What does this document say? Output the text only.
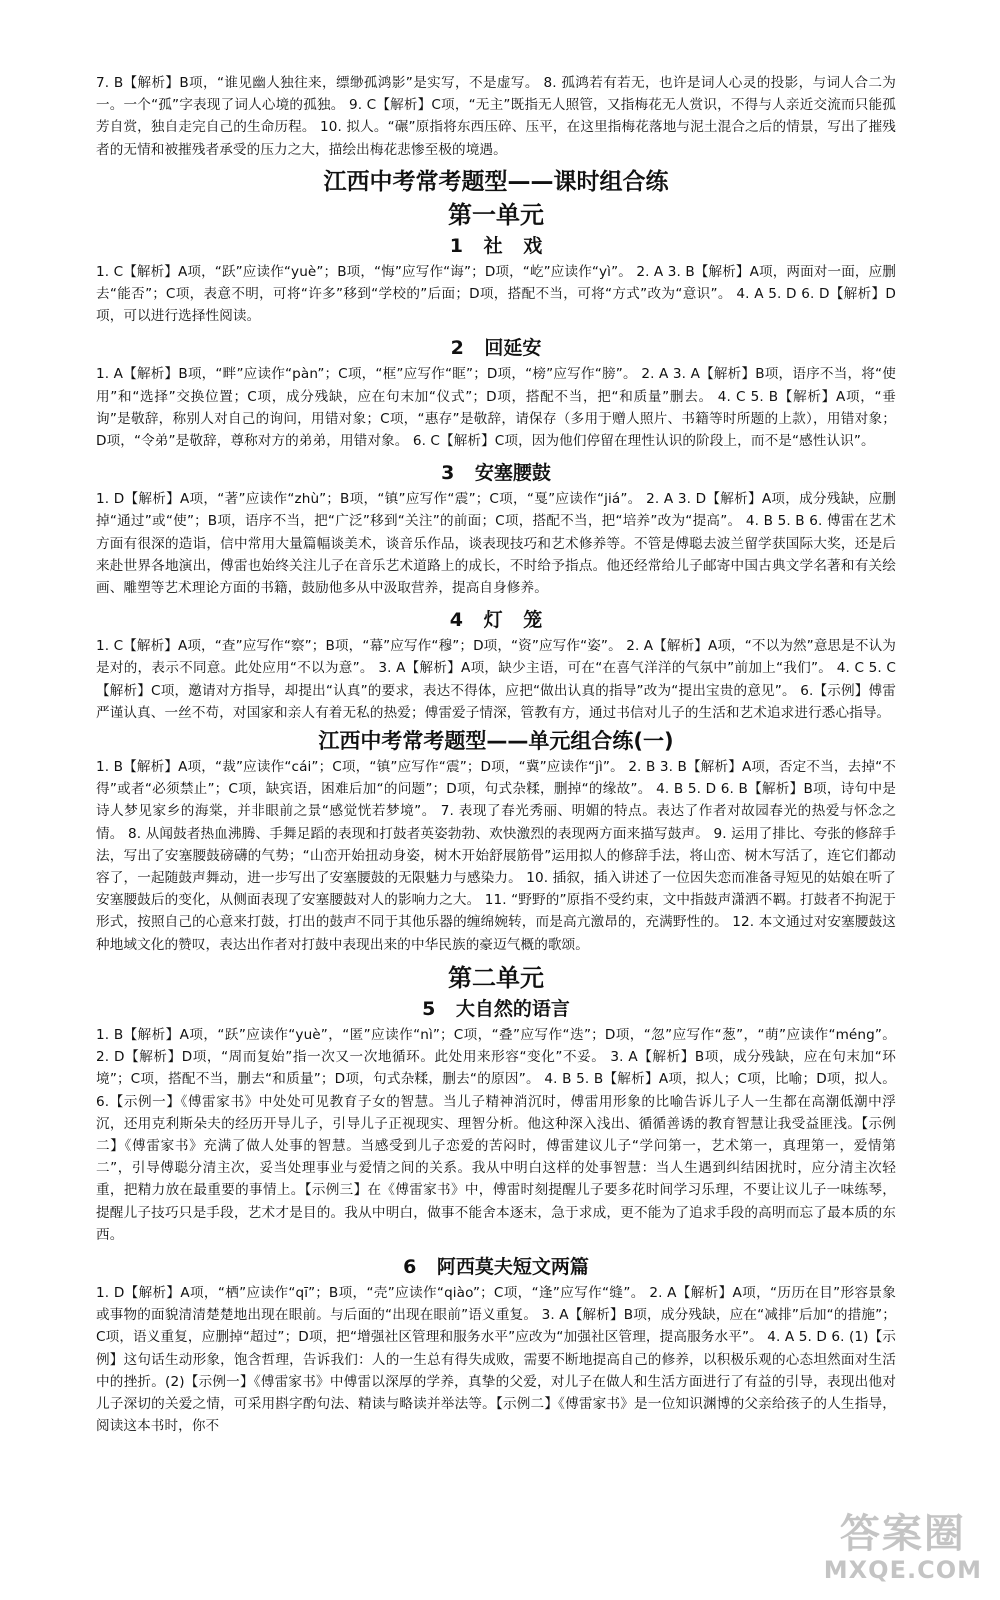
7. B【解析】B项，“谁见幽人独往来，缥缈孤鸿影”是实写，不是虚写。 8. 孤鸿若有若无，也许是词人心灵的投影，与词人合二为一。一个“孤”字表现了词人心境的孤独。 9. C【解析】C项，“无主”既指无人照管，又指梅花无人赏识，不得与人亲近交流而只能孤芳自赏，独自走完自己的生命历程。 10. 拟人。“碾”原指将东西压碎、压平，在这里指梅花落地与泥土混合之后的情景，写出了摧残者的无情和被摧残者承受的压力之大，描绘出梅花悲惨至极的境遇。

江西中考常考题型——课时组合练
第一单元
1 社 戏

1. C【解析】A项，“跃”应读作“yuè”；B项，“悔”应写作“诲”；D项，“屹”应读作“yì”。 2. A 3. B【解析】A项，两面对一面，应删去“能否”；C项，表意不明，可将“许多”移到“学校的”后面；D项，搭配不当，可将“方式”改为“意识”。 4. A 5. D 6. D【解析】D项，可以进行选择性阅读。

2 回延安

1. A【解析】B项，“畔”应读作“pàn”；C项，“框”应写作“眶”；D项，“榜”应写作“膀”。 2. A 3. A【解析】B项，语序不当，将“使用”和“选择”交换位置；C项，成分残缺，应在句末加“仪式”；D项，搭配不当，把“和质量”删去。 4. C 5. B【解析】A项，“垂询”是敬辞，称别人对自己的询问，用错对象；C项，“惠存”是敬辞，请保存（多用于赠人照片、书籍等时所题的上款），用错对象；D项，“令弟”是敬辞，尊称对方的弟弟，用错对象。 6. C【解析】C项，因为他们停留在理性认识的阶段上，而不是“感性认识”。

3 安塞腰鼓

1. D【解析】A项，“著”应读作“zhù”；B项，“镇”应写作“震”；C项，“戛”应读作“jiá”。 2. A 3. D【解析】A项，成分残缺，应删掉“通过”或“使”；B项，语序不当，把“广泛”移到“关注”的前面；C项，搭配不当，把“培养”改为“提高”。 4. B 5. B 6. 傅雷在艺术方面有很深的造诣，信中常用大量篇幅谈美术，谈音乐作品，谈表现技巧和艺术修养等。不管是傅聪去波兰留学获国际大奖，还是后来赴世界各地演出，傅雷也始终关注儿子在音乐艺术道路上的成长，不时给予指点。他还经常给儿子邮寄中国古典文学名著和有关绘画、雕塑等艺术理论方面的书籍，鼓励他多从中汲取营养，提高自身修养。

4 灯 笼

1. C【解析】A项，“查”应写作“察”；B项，“幕”应写作“穆”；D项，“资”应写作“姿”。 2. A【解析】A项，“不以为然”意思是不认为是对的，表示不同意。此处应用“不以为意”。 3. A【解析】A项，缺少主语，可在“在喜气洋洋的气氛中”前加上“我们”。 4. C 5. C【解析】C项，邀请对方指导，却提出“认真”的要求，表达不得体，应把“做出认真的指导”改为“提出宝贵的意见”。 6.【示例】傅雷严谨认真、一丝不苟，对国家和亲人有着无私的热爱；傅雷爱子情深，管教有方，通过书信对儿子的生活和艺术追求进行悉心指导。

江西中考常考题型——单元组合练(一)

1. B【解析】A项，“裁”应读作“cái”；C项，“镇”应写作“震”；D项，“冀”应读作“jì”。 2. B 3. B【解析】A项，否定不当，去掉“不得”或者“必须禁止”；C项，缺宾语，困难后加“的问题”；D项，句式杂糅，删掉“的缘故”。 4. B 5. D 6. B【解析】B项，诗句中是诗人梦见家乡的海棠，并非眼前之景“感觉恍若梦境”。 7. 表现了春光秀丽、明媚的特点。表达了作者对故园春光的热爱与怀念之情。 8. 从闻鼓者热血沸腾、手舞足蹈的表现和打鼓者英姿勃勃、欢快激烈的表现两方面来描写鼓声。 9. 运用了排比、夸张的修辞手法，写出了安塞腰鼓磅礴的气势；“山峦开始扭动身姿，树木开始舒展筋骨”运用拟人的修辞手法，将山峦、树木写活了，连它们都动容了，一起随鼓声舞动，进一步写出了安塞腰鼓的无限魅力与感染力。 10. 插叙，插入讲述了一位因失恋而准备寻短见的姑娘在听了安塞腰鼓后的变化，从侧面表现了安塞腰鼓对人的影响力之大。 11. “野野的”原指不受约束，文中指鼓声潇洒不羁。打鼓者不拘泥于形式，按照自己的心意来打鼓，打出的鼓声不同于其他乐器的缠绵婉转，而是高亢激昂的，充满野性的。 12. 本文通过对安塞腰鼓这种地域文化的赞叹，表达出作者对打鼓中表现出来的中华民族的豪迈气概的歌颂。

第二单元
5 大自然的语言

1. B【解析】A项，“跃”应读作“yuè”，“匿”应读作“nì”；C项，“叠”应写作“迭”；D项，“忽”应写作“葱”，“萌”应读作“méng”。 2. D【解析】D项，“周而复始”指一次又一次地循环。此处用来形容“变化”不妥。 3. A【解析】B项，成分残缺，应在句末加“环境”；C项，搭配不当，删去“和质量”；D项，句式杂糅，删去“的原因”。 4. B 5. B【解析】A项，拟人；C项，比喻；D项，拟人。 6.【示例一】《傅雷家书》中处处可见教育子女的智慧。当儿子精神消沉时，傅雷用形象的比喻告诉儿子人一生都在高潮低潮中浮沉，还用克利斯朵夫的经历开导儿子，引导儿子正视现实、理智分析。他这种深入浅出、循循善诱的教育智慧让我受益匪浅。【示例二】《傅雷家书》充满了做人处事的智慧。当感受到儿子恋爱的苦闷时，傅雷建议儿子“学问第一，艺术第一，真理第一，爱情第二”，引导傅聪分清主次，妥当处理事业与爱情之间的关系。我从中明白这样的处事智慧：当人生遇到纠结困扰时，应分清主次轻重，把精力放在最重要的事情上。【示例三】在《傅雷家书》中，傅雷时刻提醒儿子要多花时间学习乐理，不要让议儿子一味练琴，提醒儿子技巧只是手段，艺术才是目的。我从中明白，做事不能舍本逐末，急于求成，更不能为了追求手段的高明而忘了最本质的东西。

6 阿西莫夫短文两篇

1. D【解析】A项，“栖”应读作“qī”；B项，“壳”应读作“qiào”；C项，“逢”应写作“缝”。 2. A【解析】A项，“历历在目”形容景象或事物的面貌清清楚楚地出现在眼前。与后面的“出现在眼前”语义重复。 3. A【解析】B项，成分残缺，应在“减排”后加“的措施”；C项，语义重复，应删掉“超过”；D项，把“增强社区管理和服务水平”应改为“加强社区管理，提高服务水平”。 4. A 5. D 6. (1)【示例】这句话生动形象，饱含哲理，告诉我们：人的一生总有得失成败，需要不断地提高自己的修养，以积极乐观的心态坦然面对生活中的挫折。(2)【示例一】《傅雷家书》中傅雷以深厚的学养，真挚的父爱，对儿子在做人和生活方面进行了有益的引导，表现出他对儿子深切的关爱之情，可采用斟字酌句法、精读与略读并举法等。【示例二】《傅雷家书》是一位知识渊博的父亲给孩子的人生指导，阅读这本书时，你不

答案圈
MXQE.COM
